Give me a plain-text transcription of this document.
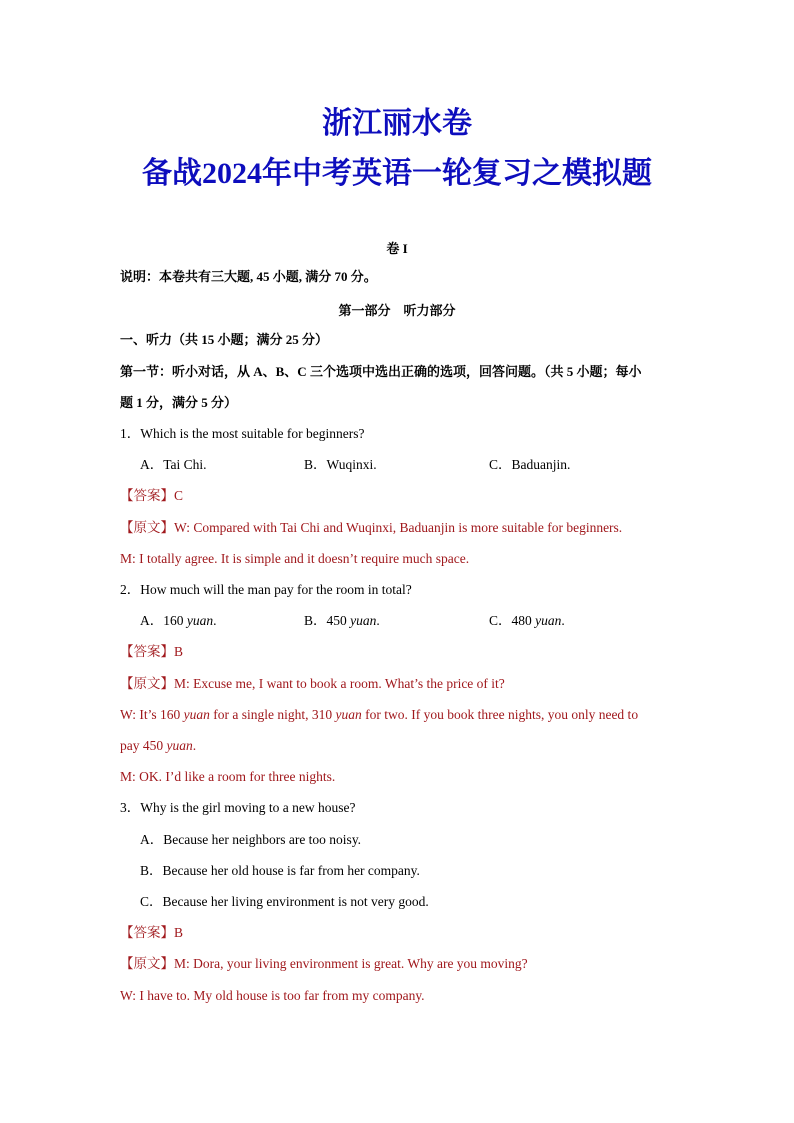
浙江丽水卷
备战2024年中考英语一轮复习之模拟题
卷 I
说明：本卷共有三大题, 45 小题, 满分 70 分。
第一部分　听力部分
一、听力（共 15 小题；满分 25 分）
第一节：听小对话，从 A、B、C 三个选项中选出正确的选项，回答问题。（共 5 小题；每小
题 1 分，满分 5 分）
1．Which is the most suitable for beginners?
A．Tai Chi.	B．Wuqinxi.	C．Baduanjin.
【答案】C
【原文】W: Compared with Tai Chi and Wuqinxi, Baduanjin is more suitable for beginners.
M: I totally agree. It is simple and it doesn’t require much space.
2．How much will the man pay for the room in total?
A．160 yuan.	B．450 yuan.	C．480 yuan.
【答案】B
【原文】M: Excuse me, I want to book a room. What’s the price of it?
W: It’s 160 yuan for a single night, 310 yuan for two. If you book three nights, you only need to
pay 450 yuan.
M: OK. I’d like a room for three nights.
3．Why is the girl moving to a new house?
A．Because her neighbors are too noisy.
B．Because her old house is far from her company.
C．Because her living environment is not very good.
【答案】B
【原文】M: Dora, your living environment is great. Why are you moving?
W: I have to. My old house is too far from my company.
